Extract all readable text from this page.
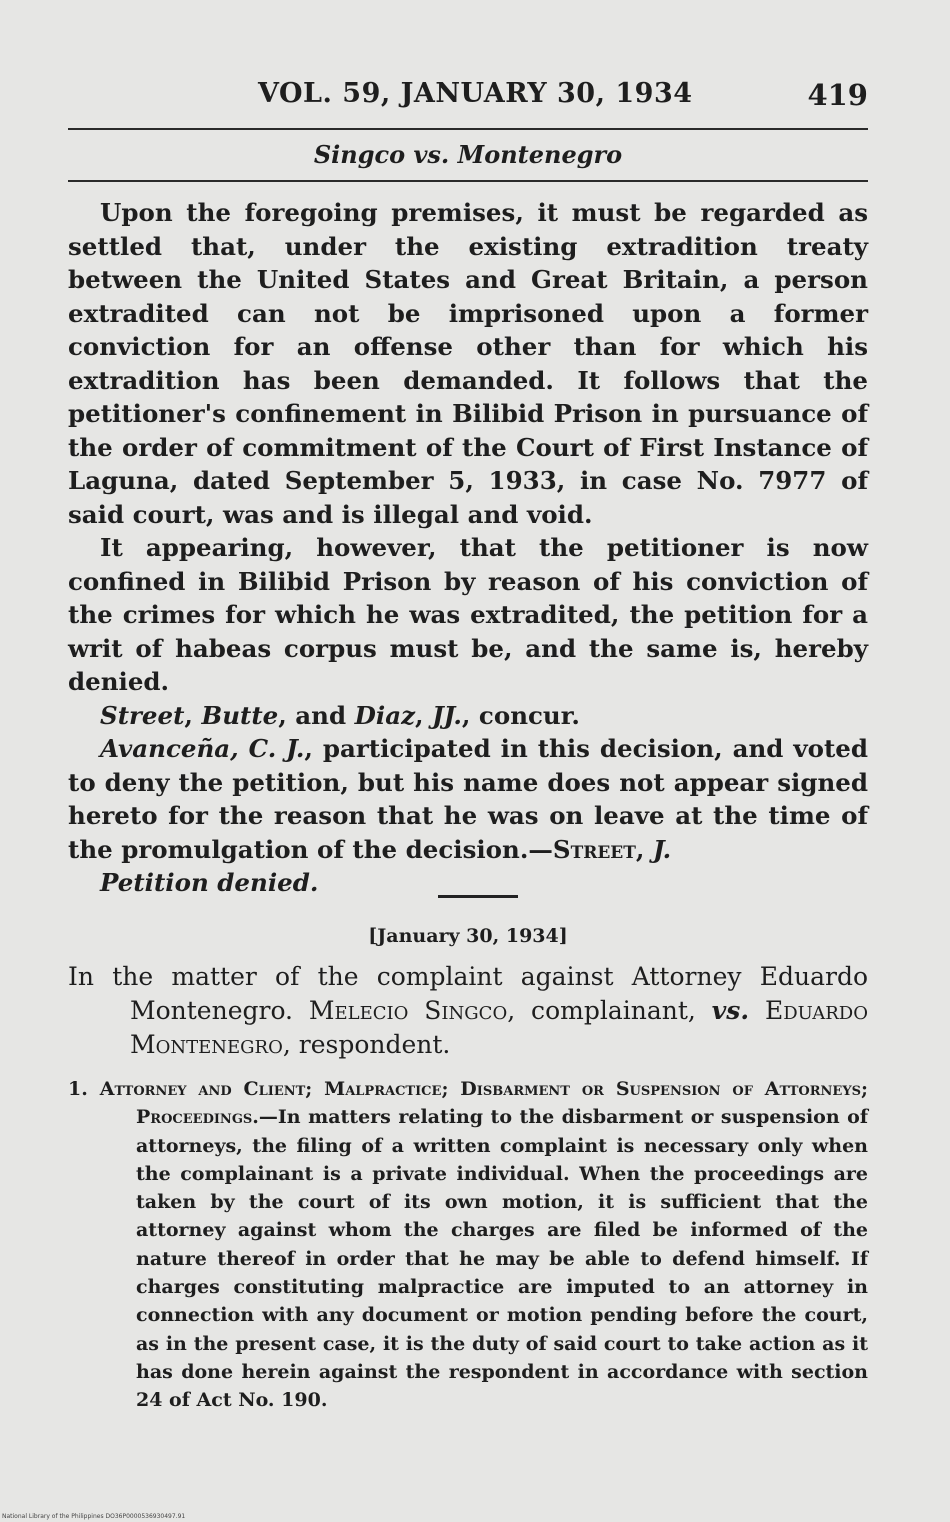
VOL. 59, JANUARY 30, 1934	419
Singco vs. Montenegro

Upon the foregoing premises, it must be regarded as settled that, under the existing extradition treaty between the United States and Great Britain, a person extradited can not be imprisoned upon a former conviction for an offense other than for which his extradition has been demanded. It follows that the petitioner's confinement in Bilibid Prison in pursuance of the order of commitment of the Court of First Instance of Laguna, dated September 5, 1933, in case No. 7977 of said court, was and is illegal and void.

It appearing, however, that the petitioner is now confined in Bilibid Prison by reason of his conviction of the crimes for which he was extradited, the petition for a writ of habeas corpus must be, and the same is, hereby denied.

Street, Butte, and Diaz, JJ., concur.

Avanceña, C. J., participated in this decision, and voted to deny the petition, but his name does not appear signed hereto for the reason that he was on leave at the time of the promulgation of the decision.—Street, J.

Petition denied.

[January 30, 1934]
In the matter of the complaint against Attorney Eduardo Montenegro. Melecio Singco, complainant, vs. Eduardo Montenegro, respondent.
1. Attorney and Client; Malpractice; Disbarment or Suspension of Attorneys; Proceedings.—In matters relating to the disbarment or suspension of attorneys, the filing of a written complaint is necessary only when the complainant is a private individual. When the proceedings are taken by the court of its own motion, it is sufficient that the attorney against whom the charges are filed be informed of the nature thereof in order that he may be able to defend himself. If charges constituting malpractice are imputed to an attorney in connection with any document or motion pending before the court, as in the present case, it is the duty of said court to take action as it has done herein against the respondent in accordance with section 24 of Act No. 190.
National Library of the Philippines DO36P0000536930497.91
